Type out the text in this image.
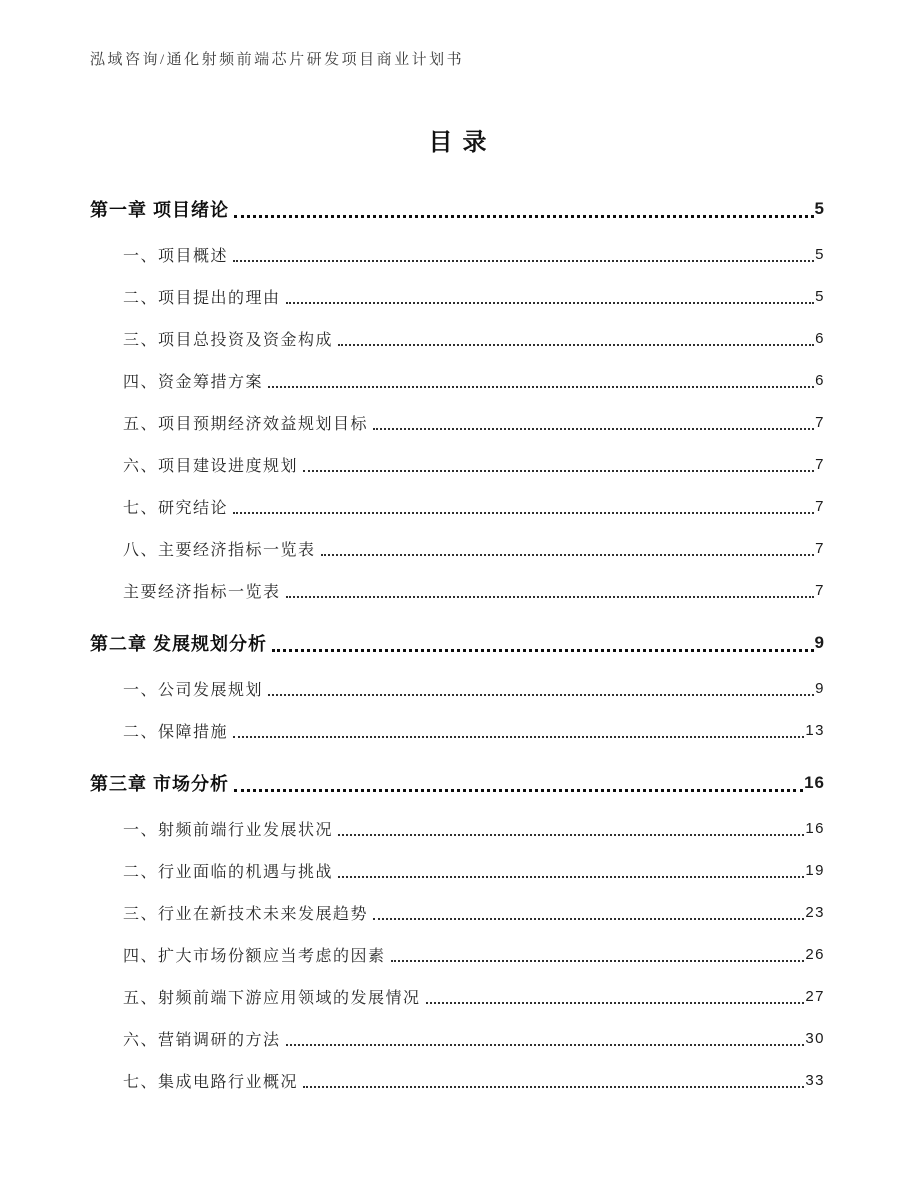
泓域咨询/通化射频前端芯片研发项目商业计划书
目录
第一章 项目绪论	5
一、项目概述	5
二、项目提出的理由	5
三、项目总投资及资金构成	6
四、资金筹措方案	6
五、项目预期经济效益规划目标	7
六、项目建设进度规划	7
七、研究结论	7
八、主要经济指标一览表	7
主要经济指标一览表	7
第二章 发展规划分析	9
一、公司发展规划	9
二、保障措施	13
第三章 市场分析	16
一、射频前端行业发展状况	16
二、行业面临的机遇与挑战	19
三、行业在新技术未来发展趋势	23
四、扩大市场份额应当考虑的因素	26
五、射频前端下游应用领域的发展情况	27
六、营销调研的方法	30
七、集成电路行业概况	33
